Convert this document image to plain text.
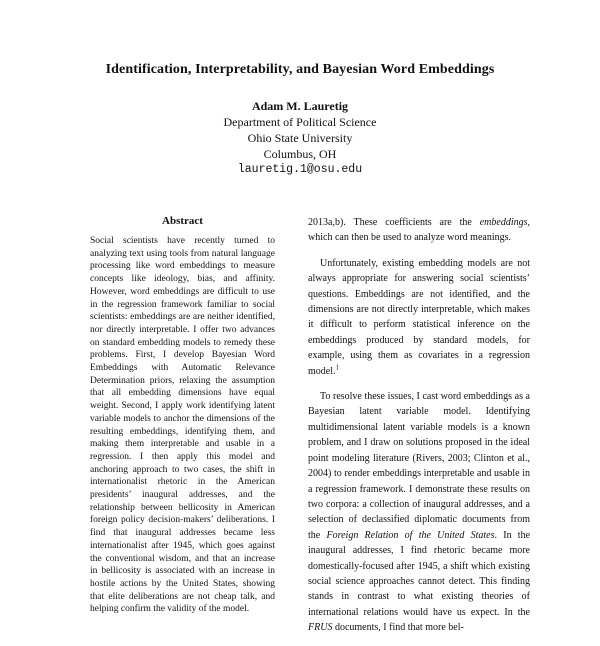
Identification, Interpretability, and Bayesian Word Embeddings
Adam M. Lauretig
Department of Political Science
Ohio State University
Columbus, OH
lauretig.1@osu.edu
Abstract
Social scientists have recently turned to analyzing text using tools from natural language processing like word embeddings to measure concepts like ideology, bias, and affinity. However, word embeddings are difficult to use in the regression framework familiar to social scientists: embeddings are are neither identified, nor directly interpretable. I offer two advances on standard embedding models to remedy these problems. First, I develop Bayesian Word Embeddings with Automatic Relevance Determination priors, relaxing the assumption that all embedding dimensions have equal weight. Second, I apply work identifying latent variable models to anchor the dimensions of the resulting embeddings, identifying them, and making them interpretable and usable in a regression. I then apply this model and anchoring approach to two cases, the shift in internationalist rhetoric in the American presidents’ inaugural addresses, and the relationship between bellicosity in American foreign policy decision-makers’ deliberations. I find that inaugural addresses became less internationalist after 1945, which goes against the conventional wisdom, and that an increase in bellicosity is associated with an increase in hostile actions by the United States, showing that elite deliberations are not cheap talk, and helping confirm the validity of the model.

2013a,b). These coefficients are the embeddings, which can then be used to analyze word meanings.

Unfortunately, existing embedding models are not always appropriate for answering social scientists’ questions. Embeddings are not identified, and the dimensions are not directly interpretable, which makes it difficult to perform statistical inference on the embeddings produced by standard models, for example, using them as covariates in a regression model.$^1$

To resolve these issues, I cast word embeddings as a Bayesian latent variable model. Identifying multidimensional latent variable models is a known problem, and I draw on solutions proposed in the ideal point modeling literature (Rivers, 2003; Clinton et al., 2004) to render embeddings interpretable and usable in a regression framework. I demonstrate these results on two corpora: a collection of inaugural addresses, and a selection of declassified diplomatic documents from the Foreign Relation of the United States. In the inaugural addresses, I find rhetoric became more domestically-focused after 1945, a shift which existing social science approaches cannot detect. This finding stands in contrast to what existing theories of international relations would have us expect. In the FRUS documents, I find that more bel-
